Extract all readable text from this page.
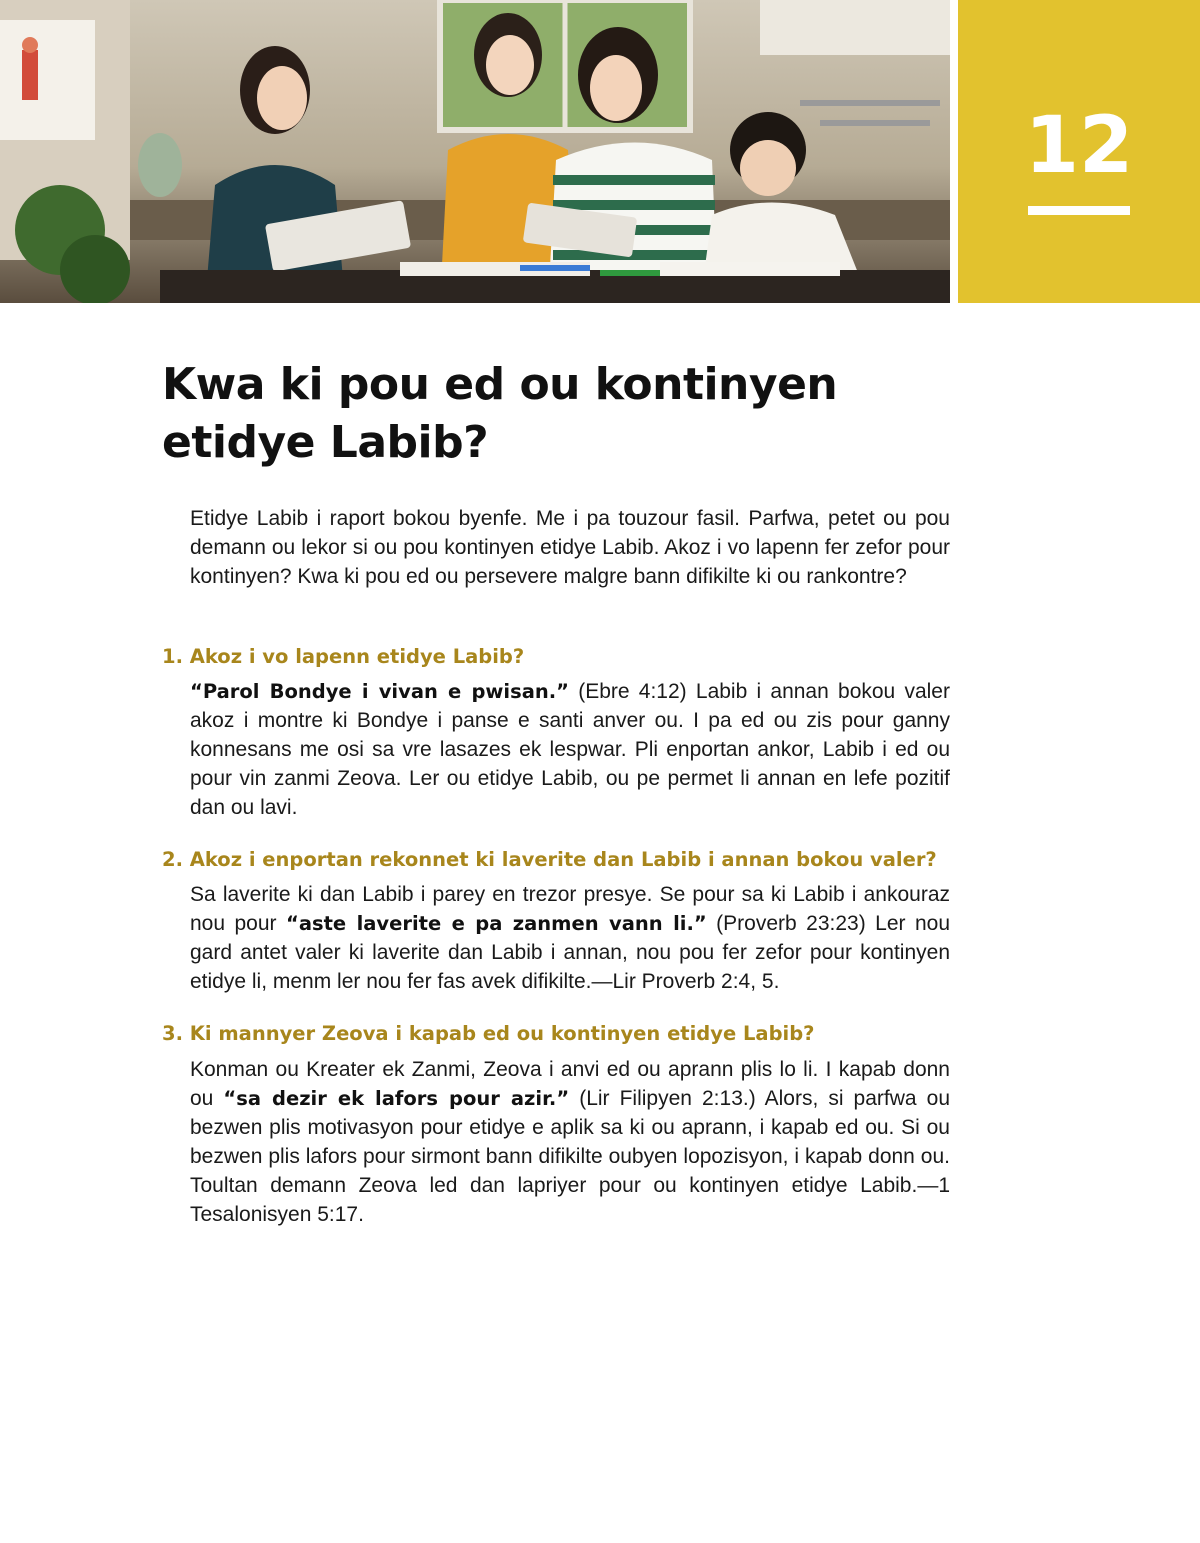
12
Kwa ki pou ed ou kontinyen
etidye Labib?

Etidye Labib i raport bokou byenfe. Me i pa touzour fasil. Parfwa, petet ou pou demann ou lekor si ou pou kontinyen etidye Labib. Akoz i vo lapenn fer zefor pour kontinyen? Kwa ki pou ed ou persevere malgre bann difikilte ki ou rankontre?

1. Akoz i vo lapenn etidye Labib?

“Parol Bondye i vivan e pwisan.” (Ebre 4:12) Labib i annan bokou valer akoz i montre ki Bondye i panse e santi anver ou. I pa ed ou zis pour ganny konnesans me osi sa vre lasazes ek lespwar. Pli enportan ankor, Labib i ed ou pour vin zanmi Zeova. Ler ou etidye Labib, ou pe permet li annan en lefe pozitif dan ou lavi.

2. Akoz i enportan rekonnet ki laverite dan Labib i annan bokou valer?

Sa laverite ki dan Labib i parey en trezor presye. Se pour sa ki Labib i ankouraz nou pour “aste laverite e pa zanmen vann li.” (Proverb 23:23) Ler nou gard antet valer ki laverite dan Labib i annan, nou pou fer zefor pour kontinyen etidye li, menm ler nou fer fas avek difikilte.—Lir Proverb 2:4, 5.

3. Ki mannyer Zeova i kapab ed ou kontinyen etidye Labib?

Konman ou Kreater ek Zanmi, Zeova i anvi ed ou aprann plis lo li. I kapab donn ou “sa dezir ek lafors pour azir.” (Lir Filipyen 2:13.) Alors, si parfwa ou bezwen plis motivasyon pour etidye e aplik sa ki ou aprann, i kapab ed ou. Si ou bezwen plis lafors pour sirmont bann difikilte oubyen lopozisyon, i kapab donn ou. Toultan demann Zeova led dan lapriyer pour ou kontinyen etidye Labib.—1 Tesalonisyen 5:17.
